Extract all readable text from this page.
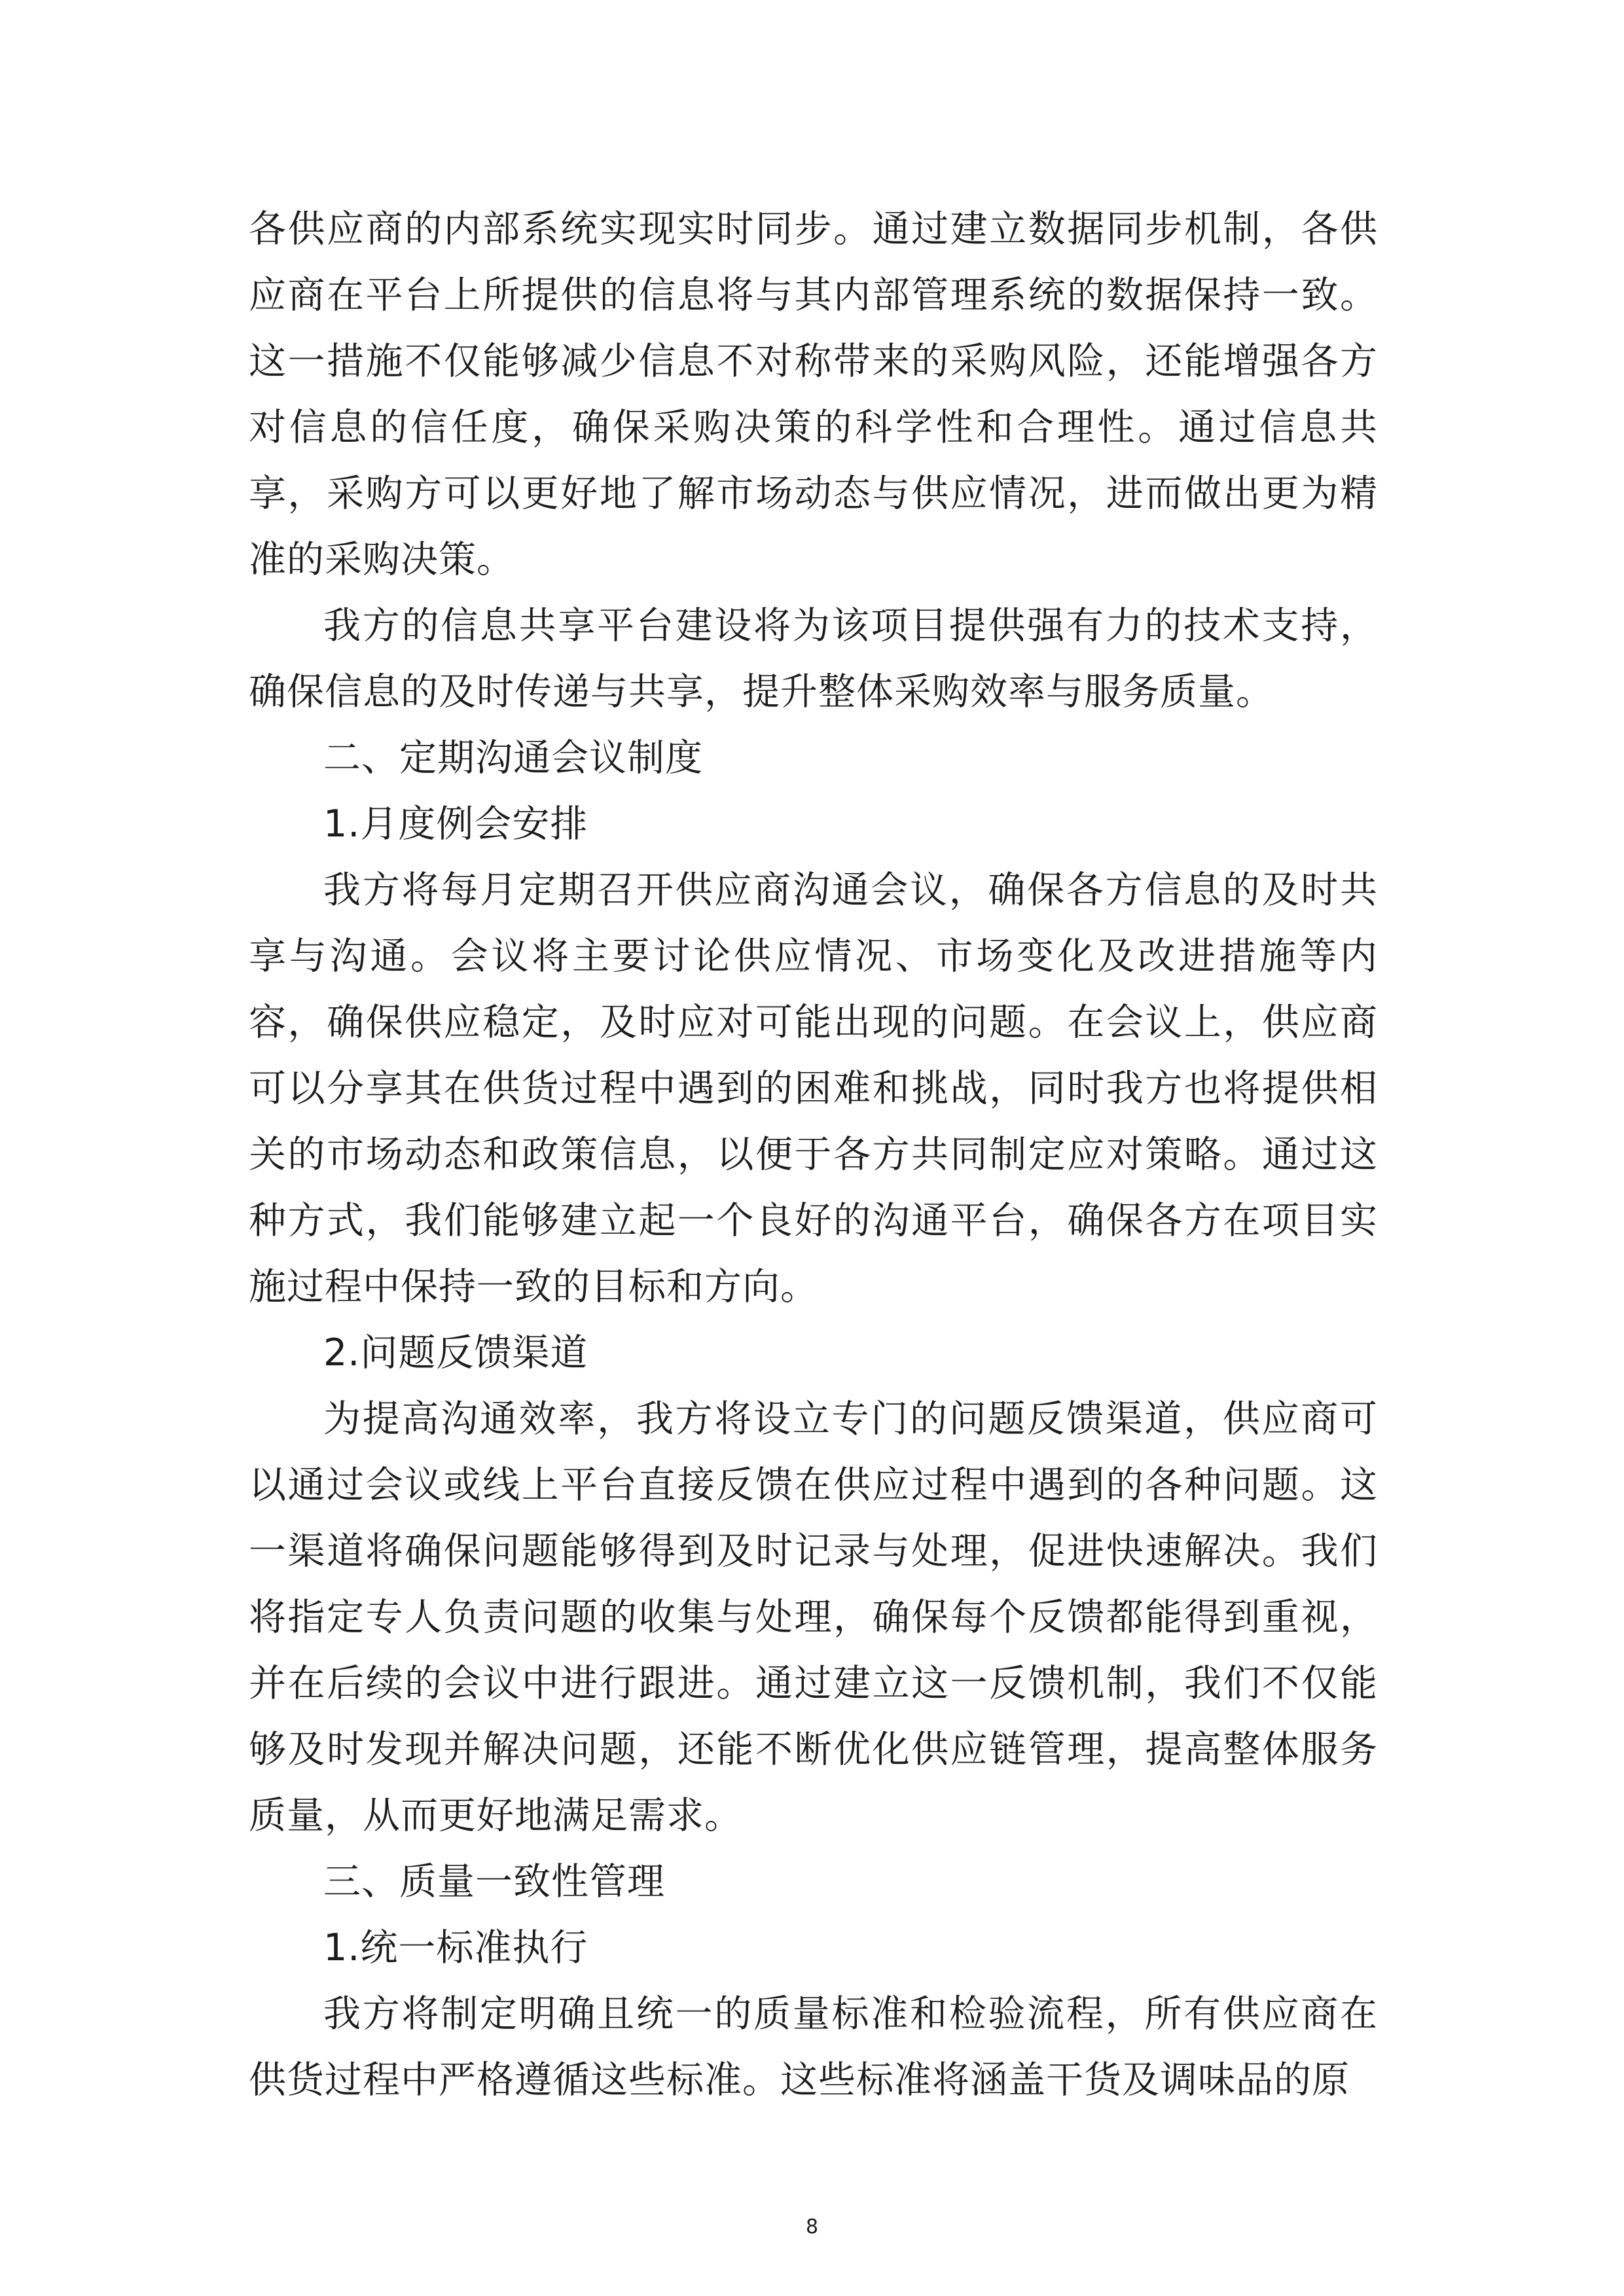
各供应商的内部系统实现实时同步。通过建立数据同步机制，各供应商在平台上所提供的信息将与其内部管理系统的数据保持一致。这一措施不仅能够减少信息不对称带来的采购风险，还能增强各方对信息的信任度，确保采购决策的科学性和合理性。通过信息共享，采购方可以更好地了解市场动态与供应情况，进而做出更为精准的采购决策。

我方的信息共享平台建设将为该项目提供强有力的技术支持，确保信息的及时传递与共享，提升整体采购效率与服务质量。

二、定期沟通会议制度

1.月度例会安排

我方将每月定期召开供应商沟通会议，确保各方信息的及时共享与沟通。会议将主要讨论供应情况、市场变化及改进措施等内容，确保供应稳定，及时应对可能出现的问题。在会议上，供应商可以分享其在供货过程中遇到的困难和挑战，同时我方也将提供相关的市场动态和政策信息，以便于各方共同制定应对策略。通过这种方式，我们能够建立起一个良好的沟通平台，确保各方在项目实施过程中保持一致的目标和方向。

2.问题反馈渠道

为提高沟通效率，我方将设立专门的问题反馈渠道，供应商可以通过会议或线上平台直接反馈在供应过程中遇到的各种问题。这一渠道将确保问题能够得到及时记录与处理，促进快速解决。我们将指定专人负责问题的收集与处理，确保每个反馈都能得到重视，并在后续的会议中进行跟进。通过建立这一反馈机制，我们不仅能够及时发现并解决问题，还能不断优化供应链管理，提高整体服务质量，从而更好地满足需求。

三、质量一致性管理

1.统一标准执行

我方将制定明确且统一的质量标准和检验流程，所有供应商在供货过程中严格遵循这些标准。这些标准将涵盖干货及调味品的原

8
